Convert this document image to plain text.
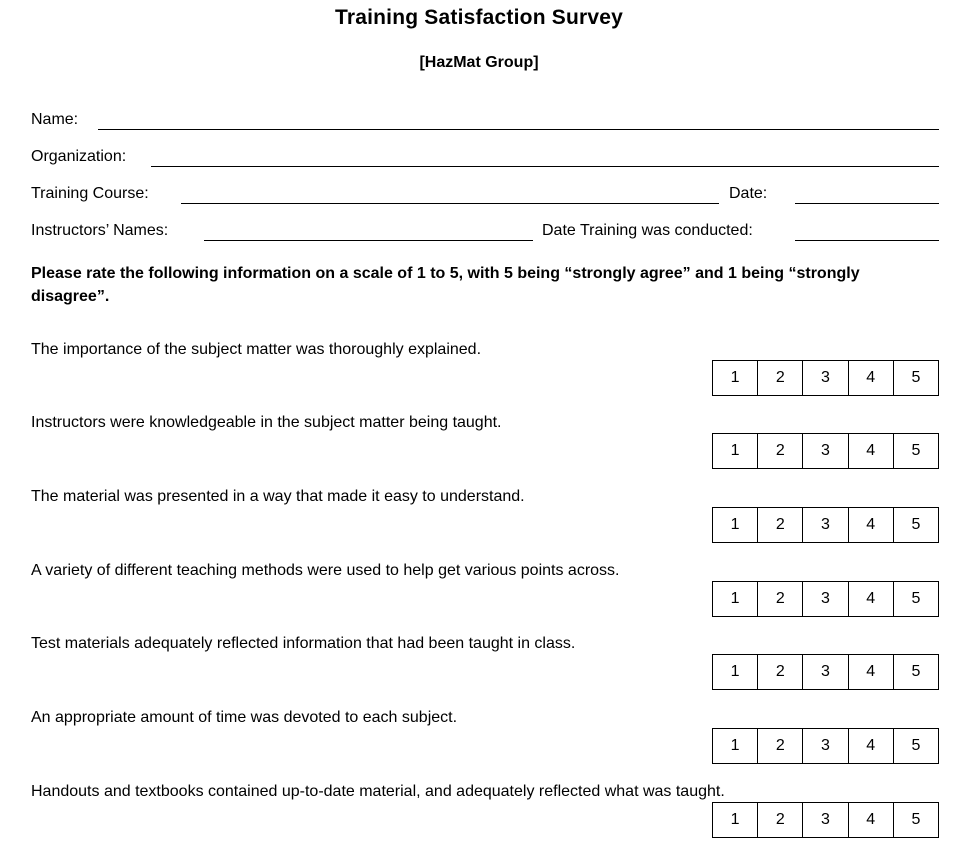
Training Satisfaction Survey
[HazMat Group]
Name:
Organization:
Training Course:	Date:
Instructors’ Names:	Date Training was conducted:
Please rate the following information on a scale of 1 to 5, with 5 being “strongly agree” and 1 being “strongly disagree”.
The importance of the subject matter was thoroughly explained.
1	2	3	4	5
Instructors were knowledgeable in the subject matter being taught.
1	2	3	4	5
The material was presented in a way that made it easy to understand.
1	2	3	4	5
A variety of different teaching methods were used to help get various points across.
1	2	3	4	5
Test materials adequately reflected information that had been taught in class.
1	2	3	4	5
An appropriate amount of time was devoted to each subject.
1	2	3	4	5
Handouts and textbooks contained up-to-date material, and adequately reflected what was taught.
1	2	3	4	5
